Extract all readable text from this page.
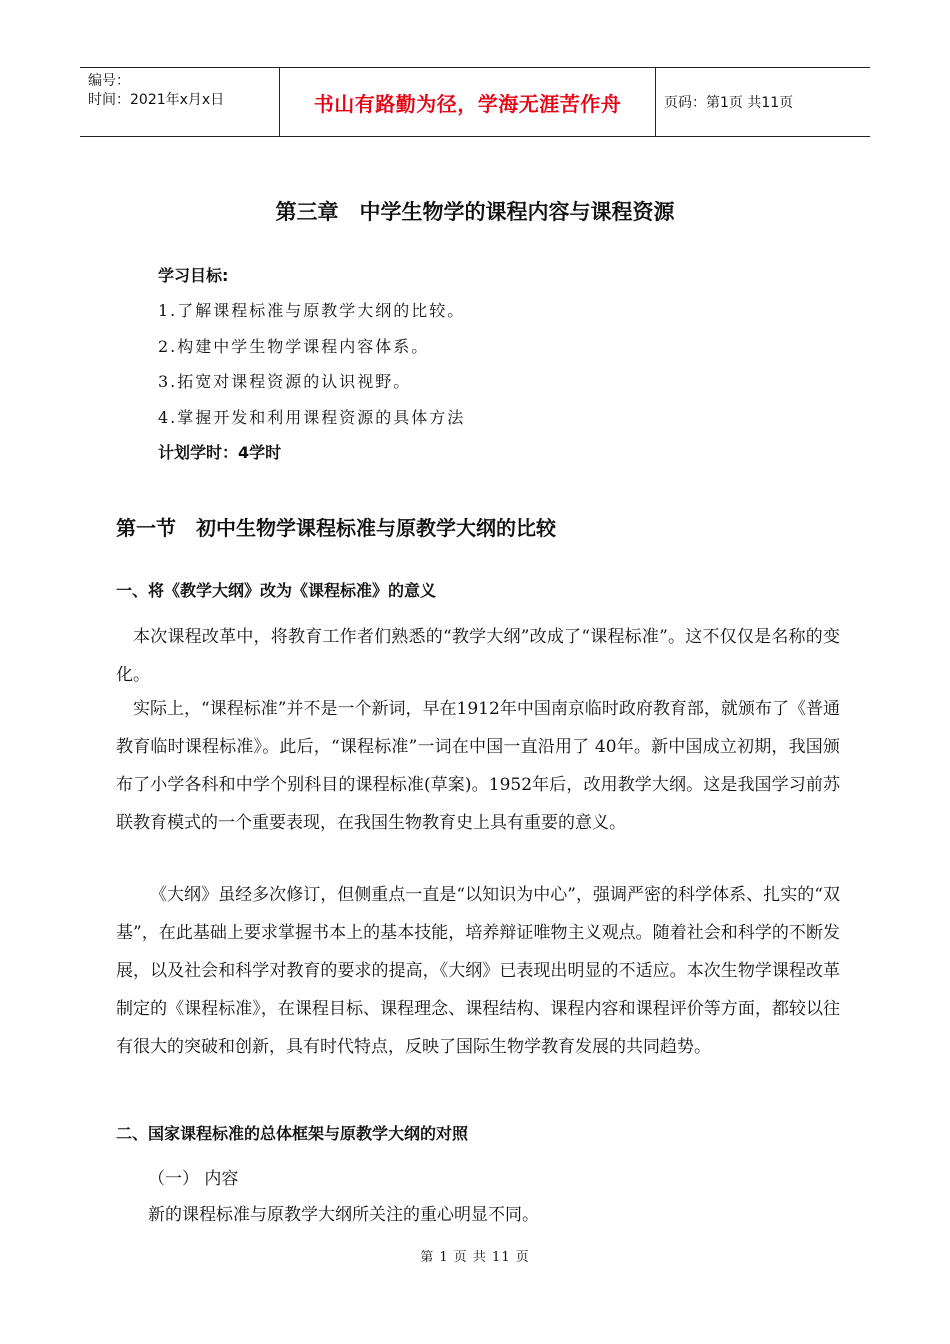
编号：
时间：2021年x月x日	书山有路勤为径，学海无涯苦作舟	页码：第1页 共11页
第三章　中学生物学的课程内容与课程资源
学习目标:
1.了解课程标准与原教学大纲的比较。
2.构建中学生物学课程内容体系。
3.拓宽对课程资源的认识视野。
4.掌握开发和利用课程资源的具体方法
计划学时：4学时
第一节　初中生物学课程标准与原教学大纲的比较
一、将《教学大纲》改为《课程标准》的意义
本次课程改革中，将教育工作者们熟悉的“教学大纲”改成了“课程标准”。这不仅仅是名称的变化。
实际上，“课程标准”并不是一个新词，早在1912年中国南京临时政府教育部，就颁布了《普通教育临时课程标准》。此后，“课程标准”一词在中国一直沿用了 40年。新中国成立初期，我国颁布了小学各科和中学个别科目的课程标准(草案)。1952年后，改用教学大纲。这是我国学习前苏联教育模式的一个重要表现，在我国生物教育史上具有重要的意义。
《大纲》虽经多次修订，但侧重点一直是“以知识为中心”，强调严密的科学体系、扎实的“双基”，在此基础上要求掌握书本上的基本技能，培养辩证唯物主义观点。随着社会和科学的不断发展，以及社会和科学对教育的要求的提高，《大纲》已表现出明显的不适应。本次生物学课程改革制定的《课程标准》，在课程目标、课程理念、课程结构、课程内容和课程评价等方面，都较以往有很大的突破和创新，具有时代特点，反映了国际生物学教育发展的共同趋势。
二、国家课程标准的总体框架与原教学大纲的对照
（一） 内容
新的课程标准与原教学大纲所关注的重心明显不同。
第 1 页 共 11 页
